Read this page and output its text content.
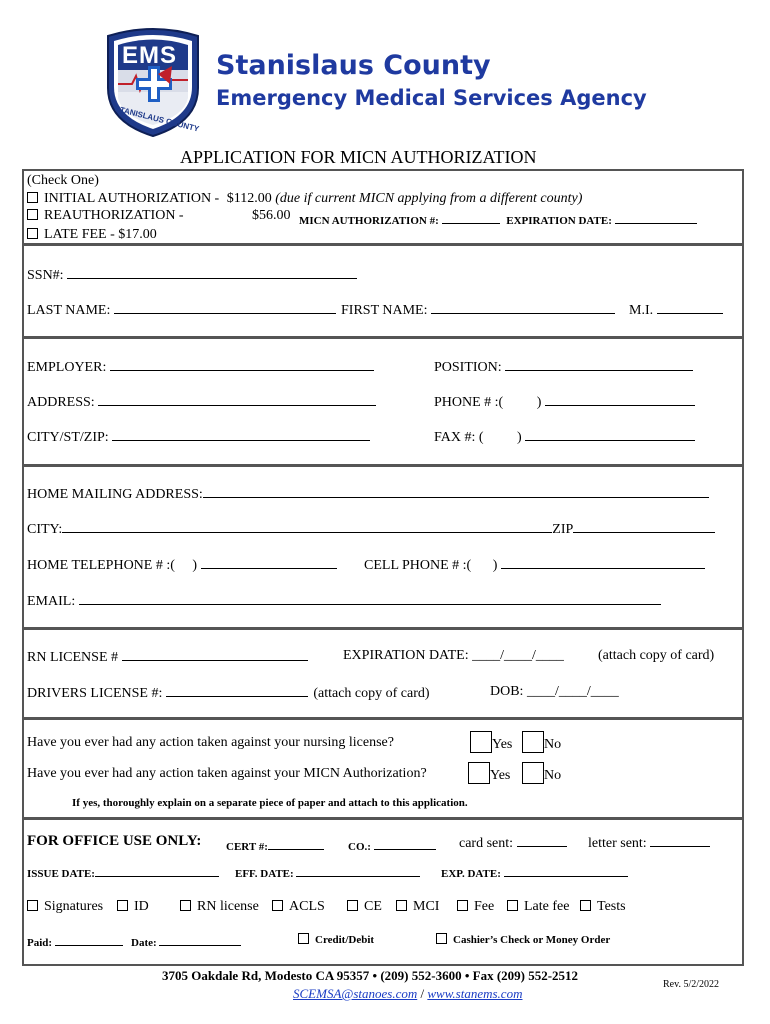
EMS
STANISLAUS COUNTY
Stanislaus County
Emergency Medical Services Agency
APPLICATION FOR MICN AUTHORIZATION
(Check One)
INITIAL AUTHORIZATION - $112.00 (due if current MICN applying from a different county)
REAUTHORIZATION -	$56.00 MICN AUTHORIZATION #:	EXPIRATION DATE:
LATE FEE - $17.00
SSN#:
LAST NAME:	FIRST NAME:	M.I.
EMPLOYER:	POSITION:
ADDRESS:	PHONE # :( )
CITY/ST/ZIP:	FAX #: ( )
HOME MAILING ADDRESS:
CITY:	ZIP
HOME TELEPHONE # :( )	CELL PHONE # :( )
EMAIL:
RN LICENSE #	EXPIRATION DATE: ____/____/____ (attach copy of card)
DRIVERS LICENSE #:	(attach copy of card)	DOB: ____/____/____
Have you ever had any action taken against your nursing license?	Yes	No
Have you ever had any action taken against your MICN Authorization?	Yes	No
If yes, thoroughly explain on a separate piece of paper and attach to this application.
FOR OFFICE USE ONLY: CERT #:	CO.:	card sent:	letter sent:
ISSUE DATE:	EFF. DATE:	EXP. DATE:
Signatures	ID	RN license	ACLS	CE	MCI	Fee	Late fee	Tests
Paid:	Date:	Credit/Debit	Cashier’s Check or Money Order
3705 Oakdale Rd, Modesto CA 95357 • (209) 552-3600 • Fax (209) 552-2512
SCEMSA@stanoes.com / www.stanems.com
Rev. 5/2/2022
